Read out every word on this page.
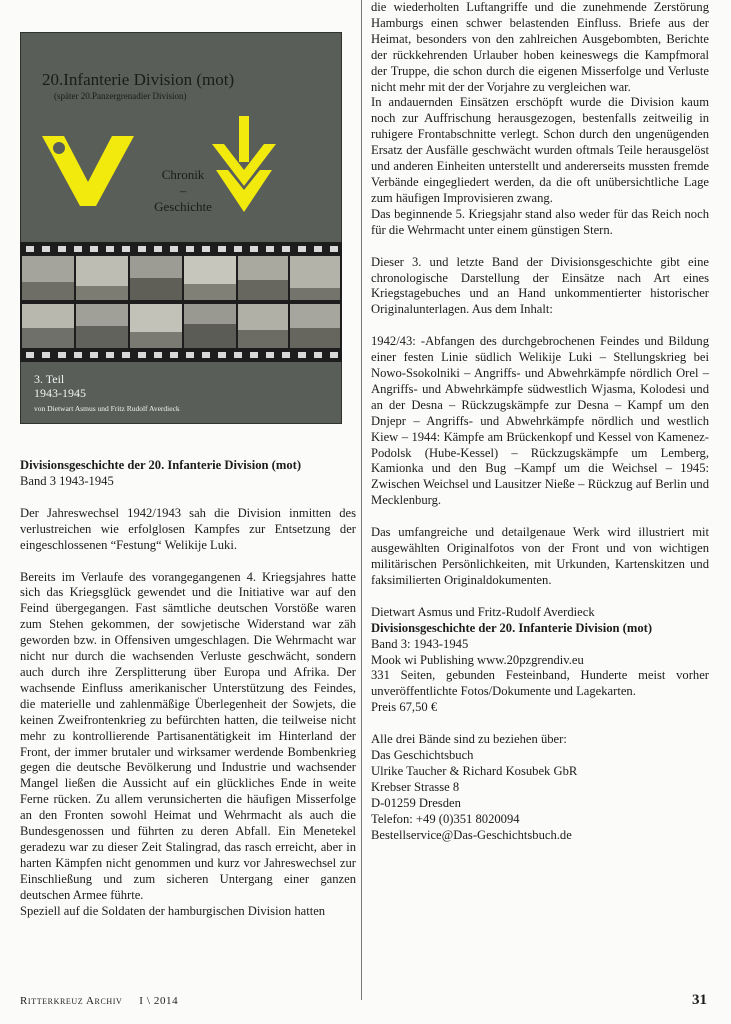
20.Infanterie Division (mot)
(später 20.Panzergrenadier Division)
Chronik
–
Geschichte
3. Teil
1943-1945
von Dietwart Asmus und Fritz Rudolf Averdieck

Divisionsgeschichte der 20. Infanterie Division (mot)

Band 3 1943-1945

Der Jahreswechsel 1942/1943 sah die Division inmitten des verlustreichen wie erfolglosen Kampfes zur Entsetzung der eingeschlossenen “Festung“ Welikije Luki.

Bereits im Verlaufe des vorangegangenen 4. Kriegsjahres hatte sich das Kriegsglück gewendet und die Initiative war auf den Feind übergegangen. Fast sämtliche deutschen Vorstöße waren zum Stehen gekommen, der sowjetische Widerstand war zäh geworden bzw. in Offensiven umgeschlagen. Die Wehrmacht war nicht nur durch die wachsenden Verluste geschwächt, sondern auch durch ihre Zersplitterung über Europa und Afrika. Der wachsende Einfluss amerikanischer Unterstützung des Feindes, die materielle und zahlenmäßige Überlegenheit der Sowjets, die keinen Zweifrontenkrieg zu befürchten hatten, die teilweise nicht mehr zu kontrollierende Partisanentätigkeit im Hinterland der Front, der immer brutaler und wirksamer werdende Bombenkrieg gegen die deutsche Bevölkerung und Industrie und wachsender Mangel ließen die Aussicht auf ein glückliches Ende in weite Ferne rücken. Zu allem verunsicherten die häufigen Misserfolge an den Fronten sowohl Heimat und Wehrmacht als auch die Bundesgenossen und führten zu deren Abfall. Ein Menetekel geradezu war zu dieser Zeit Stalingrad, das rasch erreicht, aber in harten Kämpfen nicht genommen und kurz vor Jahreswechsel zur Einschließung und zum sicheren Untergang einer ganzen deutschen Armee führte.

Speziell auf die Soldaten der hamburgischen Division hatten

die wiederholten Luftangriffe und die zunehmende Zerstörung Hamburgs einen schwer belastenden Einfluss. Briefe aus der Heimat, besonders von den zahlreichen Ausgebombten, Berichte der rückkehrenden Urlauber hoben keineswegs die Kampfmoral der Truppe, die schon durch die eigenen Misserfolge und Verluste nicht mehr mit der der Vorjahre zu vergleichen war.

In andauernden Einsätzen erschöpft wurde die Division kaum noch zur Auffrischung herausgezogen, bestenfalls zeitweilig in ruhigere Frontabschnitte verlegt. Schon durch den ungenügenden Ersatz der Ausfälle geschwächt wurden oftmals Teile herausgelöst und anderen Einheiten unterstellt und andererseits mussten fremde Verbände eingegliedert werden, da die oft unübersichtliche Lage zum häufigen Improvisieren zwang.

Das beginnende 5. Kriegsjahr stand also weder für das Reich noch für die Wehrmacht unter einem günstigen Stern.

Dieser 3. und letzte Band der Divisionsgeschichte gibt eine chronologische Darstellung der Einsätze nach Art eines Kriegstagebuches und an Hand unkommentierter historischer Originalunterlagen. Aus dem Inhalt:

1942/43: -Abfangen des durchgebrochenen Feindes und Bildung einer festen Linie südlich Welikije Luki – Stellungskrieg bei Nowo-Ssokolniki – Angriffs- und Abwehrkämpfe nördlich Orel – Angriffs- und Abwehrkämpfe südwestlich Wjasma, Kolodesi und an der Desna – Rückzugskämpfe zur Desna – Kampf um den Dnjepr – Angriffs- und Abwehrkämpfe nördlich und westlich Kiew – 1944: Kämpfe am Brückenkopf und Kessel von Kamenez-Podolsk (Hube-Kessel) – Rückzugskämpfe um Lemberg, Kamionka und den Bug –Kampf um die Weichsel – 1945: Zwischen Weichsel und Lausitzer Nieße – Rückzug auf Berlin und Mecklenburg.

Das umfangreiche und detailgenaue Werk wird illustriert mit ausgewählten Originalfotos von der Front und von wichtigen militärischen Persönlichkeiten, mit Urkunden, Kartenskitzen und faksimilierten Originaldokumenten.

Dietwart Asmus und Fritz-Rudolf Averdieck

Divisionsgeschichte der 20. Infanterie Division (mot)

Band 3: 1943-1945

Mook wi Publishing www.20pzgrendiv.eu

331 Seiten, gebunden Festeinband, Hunderte meist vorher unveröffentlichte Fotos/Dokumente und Lagekarten.

Preis 67,50 €

Alle drei Bände sind zu beziehen über:

Das Geschichtsbuch

Ulrike Taucher & Richard Kosubek GbR

Krebser Strasse 8

D-01259 Dresden

Telefon: +49 (0)351 8020094

Bestellservice@Das-Geschichtsbuch.de

Ritterkreuz Archiv I \ 2014	31
